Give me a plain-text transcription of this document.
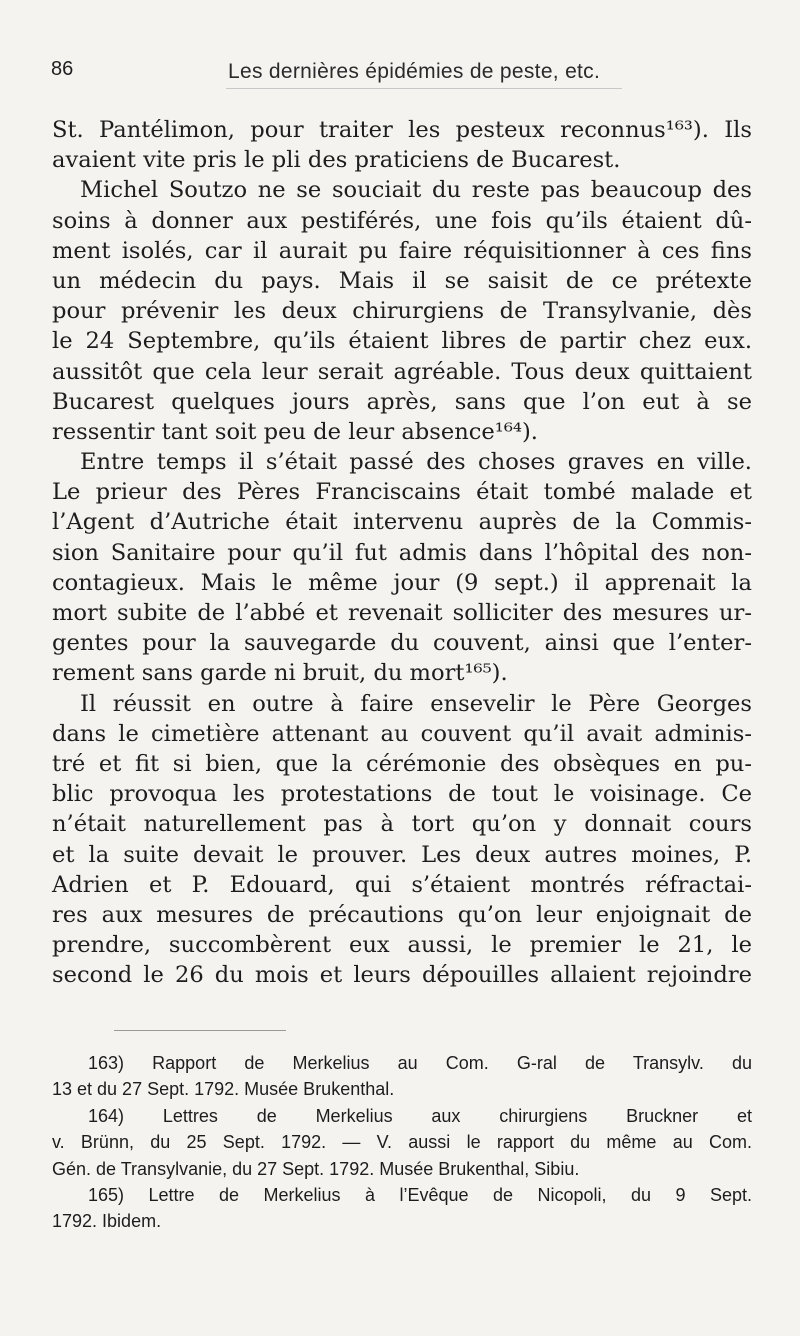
86	Les dernières épidémies de peste, etc.
St. Pantélimon, pour traiter les pesteux reconnus¹⁶³). Ils
avaient vite pris le pli des praticiens de Bucarest.
Michel Soutzo ne se souciait du reste pas beaucoup des
soins à donner aux pestiférés, une fois qu’ils étaient dû-
ment isolés, car il aurait pu faire réquisitionner à ces fins
un médecin du pays. Mais il se saisit de ce prétexte
pour prévenir les deux chirurgiens de Transylvanie, dès
le 24 Septembre, qu’ils étaient libres de partir chez eux.
aussitôt que cela leur serait agréable. Tous deux quittaient
Bucarest quelques jours après, sans que l’on eut à se
ressentir tant soit peu de leur absence¹⁶⁴).
Entre temps il s’était passé des choses graves en ville.
Le prieur des Pères Franciscains était tombé malade et
l’Agent d’Autriche était intervenu auprès de la Commis-
sion Sanitaire pour qu’il fut admis dans l’hôpital des non-
contagieux. Mais le même jour (9 sept.) il apprenait la
mort subite de l’abbé et revenait solliciter des mesures ur-
gentes pour la sauvegarde du couvent, ainsi que l’enter-
rement sans garde ni bruit, du mort¹⁶⁵).
Il réussit en outre à faire ensevelir le Père Georges
dans le cimetière attenant au couvent qu’il avait adminis-
tré et fit si bien, que la cérémonie des obsèques en pu-
blic provoqua les protestations de tout le voisinage. Ce
n’était naturellement pas à tort qu’on y donnait cours
et la suite devait le prouver. Les deux autres moines, P.
Adrien et P. Edouard, qui s’étaient montrés réfractai-
res aux mesures de précautions qu’on leur enjoignait de
prendre, succombèrent eux aussi, le premier le 21, le
second le 26 du mois et leurs dépouilles allaient rejoindre
163) Rapport de Merkelius au Com. G-ral de Transylv. du
13 et du 27 Sept. 1792. Musée Brukenthal.
164) Lettres de Merkelius aux chirurgiens Bruckner et
v. Brünn, du 25 Sept. 1792. — V. aussi le rapport du même au Com.
Gén. de Transylvanie, du 27 Sept. 1792. Musée Brukenthal, Sibiu.
165) Lettre de Merkelius à l’Evêque de Nicopoli, du 9 Sept.
1792. Ibidem.
